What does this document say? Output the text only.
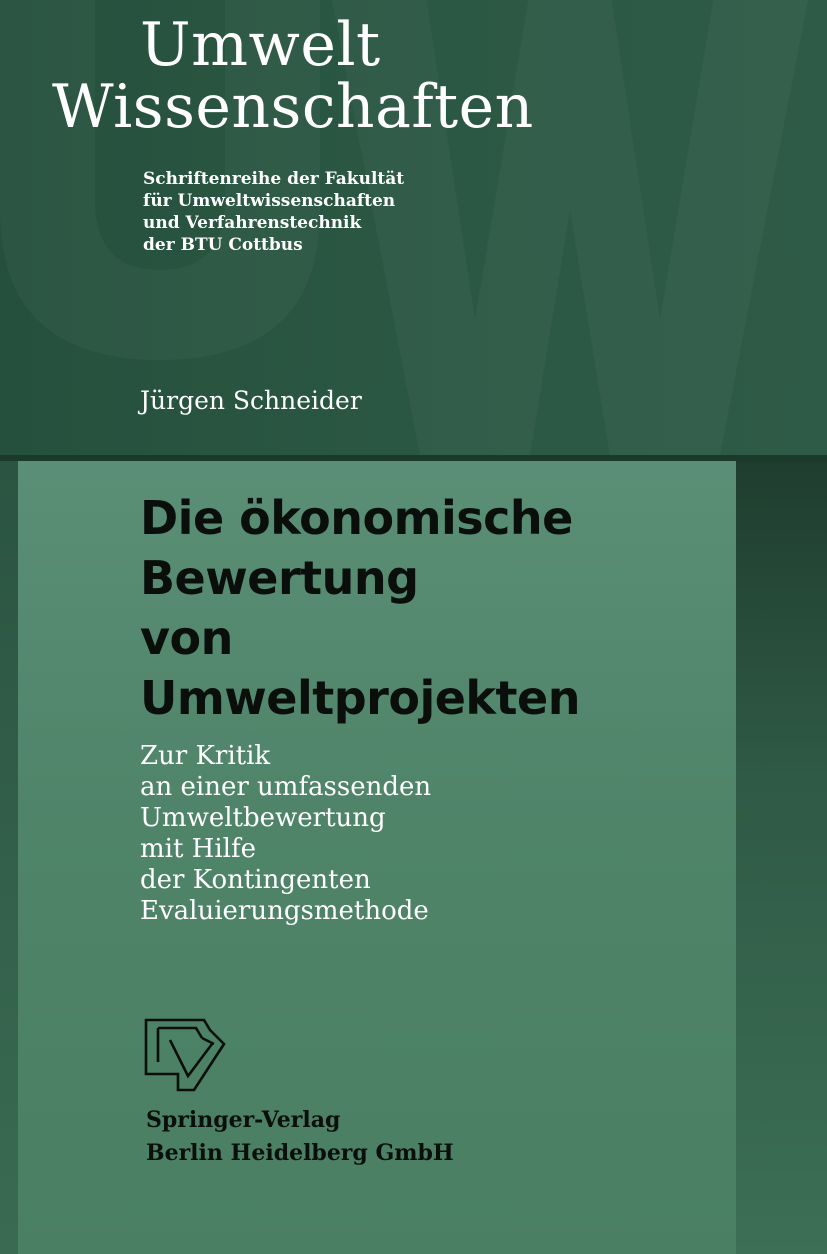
Umwelt
Wissenschaften

Schriftenreihe der Fakultät
für Umweltwissenschaften
und Verfahrenstechnik
der BTU Cottbus

Jürgen Schneider
Die ökonomische
Bewertung
von
Umweltprojekten

Zur Kritik
an einer umfassenden
Umweltbewertung
mit Hilfe
der Kontingenten
Evaluierungsmethode

Springer-Verlag
Berlin Heidelberg GmbH
